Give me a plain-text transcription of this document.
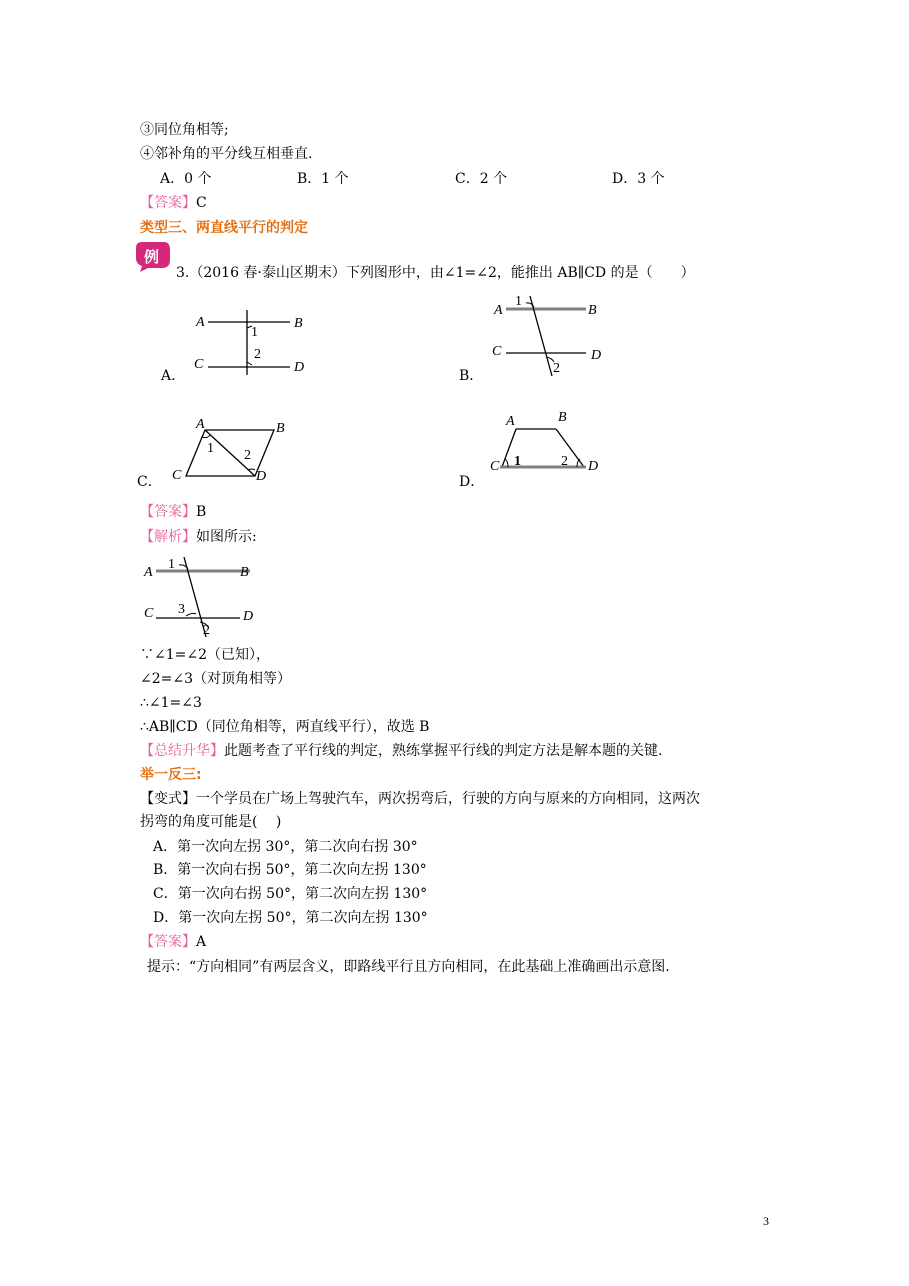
③同位角相等;
④邻补角的平分线互相垂直.
A．0 个	B．1 个	C．2 个	D．3 个
【答案】C
类型三、两直线平行的判定
例
3.（2016 春·泰山区期末）下列图形中，由∠1=∠2，能推出 AB∥CD 的是（　　）
A	B
C	D
1
2
A．
A	B
C	D
1
2
B．
A	B
C	D
1 2
C．
A	B
C	D
1	2
D．
【答案】B
【解析】如图所示:
A	B
C	D
1
3
2
∵∠1=∠2（已知），
∠2=∠3（对顶角相等）
∴∠1=∠3
∴AB∥CD（同位角相等，两直线平行），故选 B
【总结升华】此题考查了平行线的判定，熟练掌握平行线的判定方法是解本题的关键.
举一反三:
【变式】一个学员在广场上驾驶汽车，两次拐弯后，行驶的方向与原来的方向相同，这两次
拐弯的角度可能是(　 )
A．第一次向左拐 30°，第二次向右拐 30°
B．第一次向右拐 50°，第二次向左拐 130°
C．第一次向右拐 50°，第二次向左拐 130°
D．第一次向左拐 50°，第二次向左拐 130°
【答案】A
提示：“方向相同”有两层含义，即路线平行且方向相同，在此基础上准确画出示意图.
3
